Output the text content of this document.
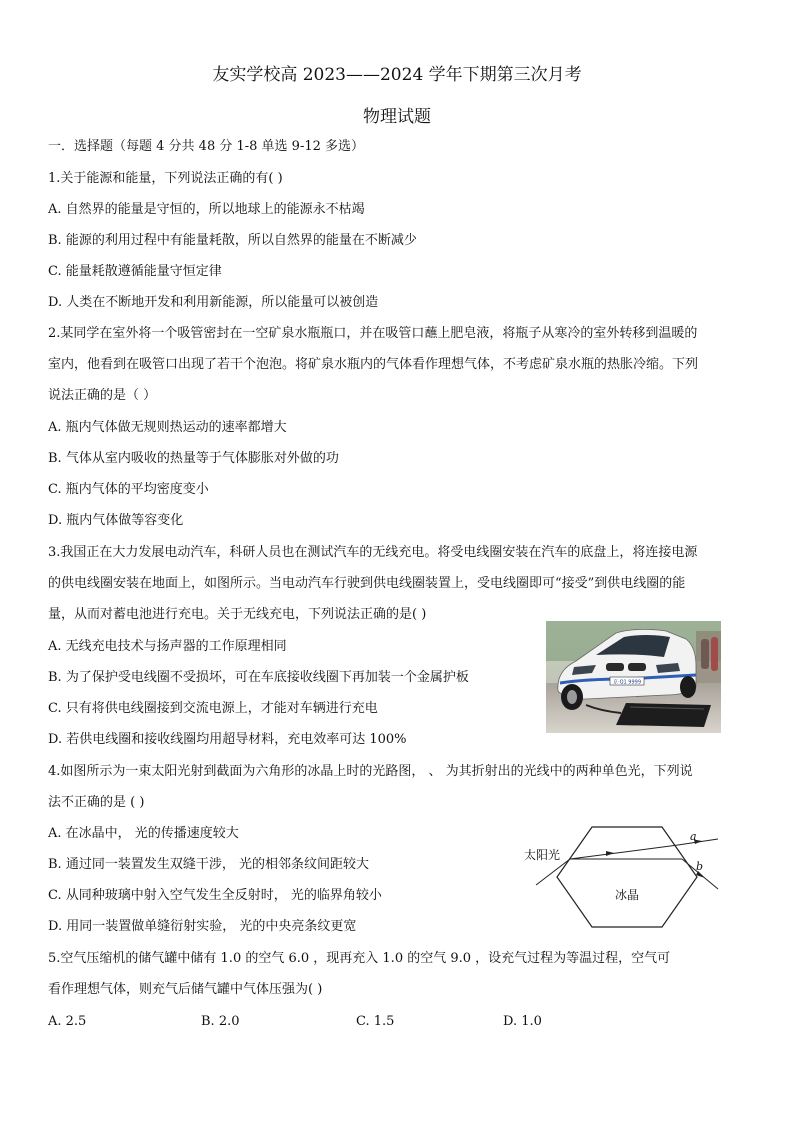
友实学校高 2023——2024 学年下期第三次月考
物理试题
一．选择题（每题 4 分共 48 分 1-8 单选 9-12 多选）
1.关于能源和能量，下列说法正确的有( )
A. 自然界的能量是守恒的，所以地球上的能源永不枯竭
B. 能源的利用过程中有能量耗散，所以自然界的能量在不断减少
C. 能量耗散遵循能量守恒定律
D. 人类在不断地开发和利用新能源，所以能量可以被创造
2.某同学在室外将一个吸管密封在一空矿泉水瓶瓶口，并在吸管口蘸上肥皂液，将瓶子从寒冷的室外转移到温暖的
室内，他看到在吸管口出现了若干个泡泡。将矿泉水瓶内的气体看作理想气体，不考虑矿泉水瓶的热胀冷缩。下列
说法正确的是（ ）
A. 瓶内气体做无规则热运动的速率都增大
B. 气体从室内吸收的热量等于气体膨胀对外做的功
C. 瓶内气体的平均密度变小
D. 瓶内气体做等容变化
3.我国正在大力发展电动汽车，科研人员也在测试汽车的无线充电。将受电线圈安装在汽车的底盘上，将连接电源
的供电线圈安装在地面上，如图所示。当电动汽车行驶到供电线圈装置上，受电线圈即可“接受”到供电线圈的能
量，从而对蓄电池进行充电。关于无线充电，下列说法正确的是( )
A. 无线充电技术与扬声器的工作原理相同
B. 为了保护受电线圈不受损坏，可在车底接收线圈下再加装一个金属护板
C. 只有将供电线圈接到交流电源上，才能对车辆进行充电
D. 若供电线圈和接收线圈均用超导材料，充电效率可达 100%
京·Q1 9999
4.如图所示为一束太阳光射到截面为六角形的冰晶上时的光路图， 、 为其折射出的光线中的两种单色光，下列说
法不正确的是 ( )
A. 在冰晶中， 光的传播速度较大
B. 通过同一装置发生双缝干涉， 光的相邻条纹间距较大
C. 从同种玻璃中射入空气发生全反射时， 光的临界角较小
D. 用同一装置做单缝衍射实验， 光的中央亮条纹更宽
太阳光
冰晶
a
b
5.空气压缩机的储气罐中储有 1.0 的空气 6.0 ，现再充入 1.0 的空气 9.0 ，设充气过程为等温过程，空气可
看作理想气体，则充气后储气罐中气体压强为( )
A. 2.5	B. 2.0	C. 1.5	D. 1.0
